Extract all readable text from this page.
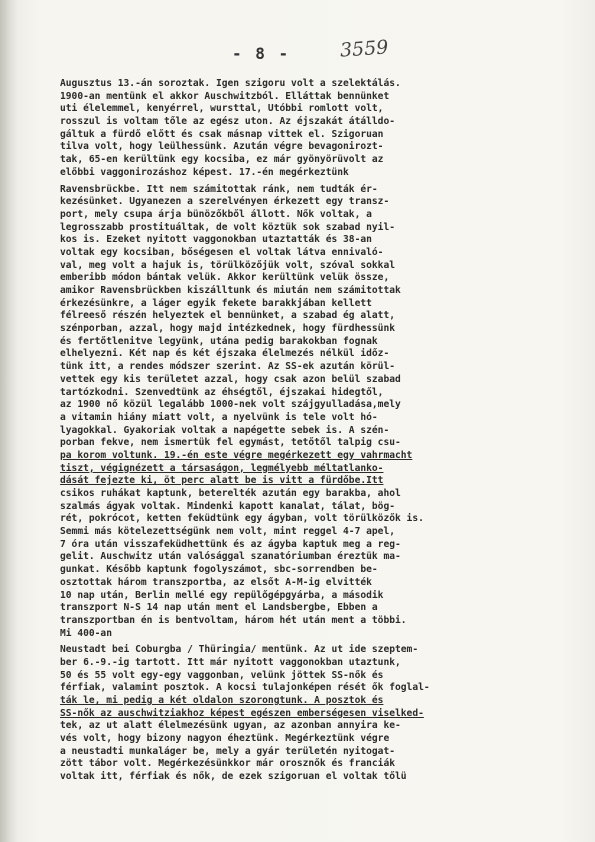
- 8 -	3559
Augusztus 13.-án soroztak. Igen szigoru volt a szelektálás.
1900-an mentünk el akkor Auschwitzból. Elláttak bennünket
uti élelemmel, kenyérrel, wursttal, Utóbbi romlott volt,
rosszul is voltam tőle az egész uton. Az éjszakát átálldo-
gáltuk a fürdő előtt és csak másnap vittek el. Szigoruan
tilva volt, hogy leülhessünk. Azután végre bevagonirozt-
tak, 65-en kerültünk egy kocsiba, ez már gyönyörüvolt az
előbbi vaggonirozáshoz képest. 17.-én megérkeztünk
Ravensbrückbe. Itt nem számitottak ránk, nem tudták ér-
kezésünket. Ugyanezen a szerelvényen érkezett egy transz-
port, mely csupa árja bünözőkből állott. Nők voltak, a
legrosszabb prostituáltak, de volt köztük sok szabad nyil-
kos is. Ezeket nyitott vaggonokban utaztatták és 38-an
voltak egy kocsiban, bőségesen el voltak látva ennivaló-
val, meg volt a hajuk is, törülközőjük volt, szóval sokkal
emberibb módon bántak velük. Akkor kerültünk velük össze,
amikor Ravensbrückben kiszálltunk és miután nem számitottak
érkezésünkre, a láger egyik fekete barakkjában kellett
félreeső részén helyeztek el bennünket, a szabad ég alatt,
szénporban, azzal, hogy majd intézkednek, hogy fürdhessünk
és fertőtlenitve legyünk, utána pedig barakokban fognak
elhelyezni. Két nap és két éjszaka élelmezés nélkül időz-
tünk itt, a rendes módszer szerint. Az SS-ek azután körül-
vettek egy kis területet azzal, hogy csak azon belül szabad
tartózkodni. Szenvedtünk az éhségtől, éjszakai hidegtől,
az 1900 nő közül legalább 1000-nek volt szájgyulladása,mely
a vitamin hiány miatt volt, a nyelvünk is tele volt hó-
lyagokkal. Gyakoriak voltak a napégette sebek is. A szén-
porban fekve, nem ismertük fel egymást, tetőtől talpig csu-
pa korom voltunk. 19.-én este végre megérkezett egy vahrmacht
tiszt, végignézett a társaságon, legmélyebb méltatlanko-
dását fejezte ki, öt perc alatt be is vitt a fürdőbe.Itt
csikos ruhákat kaptunk, beterelték azután egy barakba, ahol
szalmás ágyak voltak. Mindenki kapott kanalat, tálat, bög-
rét, pokrócot, ketten feküdtünk egy ágyban, volt törülközők is.
Semmi más kötelezettségünk nem volt, mint reggel 4-7 apel,
7 óra után visszafeküdhettünk és az ágyba kaptuk meg a reg-
gelit. Auschwitz után valósággal szanatóriumban éreztük ma-
gunkat. Később kaptunk fogolyszámot, sbc-sorrendben be-
osztottak három transzportba, az elsőt A-M-ig elvitték
10 nap után, Berlin mellé egy repülőgépgyárba, a második
transzport N-S 14 nap után ment el Landsbergbe, Ebben a
transzportban én is bentvoltam, három hét után ment a többi.
Mi 400-an
Neustadt bei Coburgba / Thüringia/ mentünk. Az ut ide szeptem-
ber 6.-9.-ig tartott. Itt már nyitott vaggonokban utaztunk,
50 és 55 volt egy-egy vaggonban, velünk jöttek SS-nők és
férfiak, valamint posztok. A kocsi tulajonképen rését ők foglal-
ták le, mi pedig a két oldalon szorongtunk. A posztok és
SS-nők az auschwitziakhoz képest egészen emberségesen viselked-
tek, az ut alatt élelmezésünk ugyan, az azonban annyira ke-
vés volt, hogy bizony nagyon éheztünk. Megérkeztünk végre
a neustadti munkaláger be, mely a gyár területén nyitogat-
zött tábor volt. Megérkezésünkkor már orosznők és franciák
voltak itt, férfiak és nők, de ezek szigoruan el voltak tőlü
